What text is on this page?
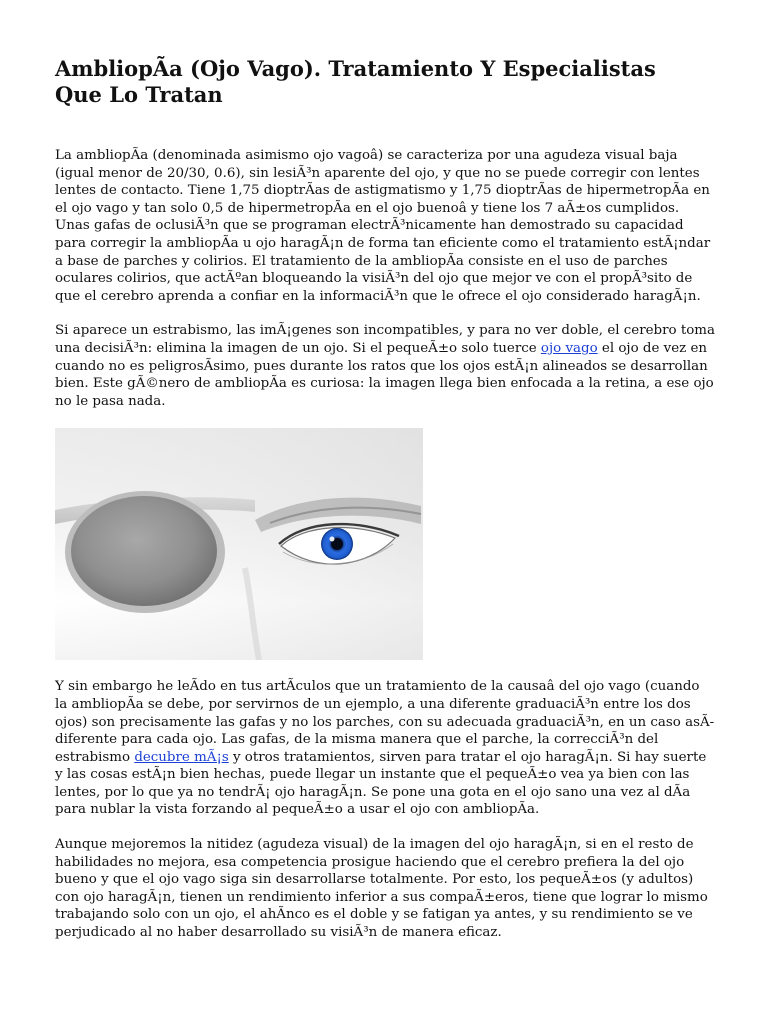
AmbliopÃa (Ojo Vago). Tratamiento Y Especialistas Que Lo Tratan

La ambliopÃa (denominada asimismo ojo vagoâ) se caracteriza por una agudeza visual baja (igual menor de 20/30, 0.6), sin lesiÃ³n aparente del ojo, y que no se puede corregir con lentes lentes de contacto. Tiene 1,75 dioptrÃas de astigmatismo y 1,75 dioptrÃas de hipermetropÃa en el ojo vago y tan solo 0,5 de hipermetropÃa en el ojo buenoâ y tiene los 7 aÃ±os cumplidos. Unas gafas de oclusiÃ³n que se programan electrÃ³nicamente han demostrado su capacidad para corregir la ambliopÃa u ojo haragÃ¡n de forma tan eficiente como el tratamiento estÃ¡ndar a base de parches y colirios. El tratamiento de la ambliopÃa consiste en el uso de parches oculares colirios, que actÃºan bloqueando la visiÃ³n del ojo que mejor ve con el propÃ³sito de que el cerebro aprenda a confiar en la informaciÃ³n que le ofrece el ojo considerado haragÃ¡n.

Si aparece un estrabismo, las imÃ¡genes son incompatibles, y para no ver doble, el cerebro toma una decisiÃ³n: elimina la imagen de un ojo. Si el pequeÃ±o solo tuerce ojo vago el ojo de vez en cuando no es peligrosÃsimo, pues durante los ratos que los ojos estÃ¡n alineados se desarrollan bien. Este gÃ©nero de ambliopÃa es curiosa: la imagen llega bien enfocada a la retina, a ese ojo no le pasa nada.

Y sin embargo he leÃdo en tus artÃculos que un tratamiento de la causaâ del ojo vago (cuando la ambliopÃa se debe, por servirnos de un ejemplo, a una diferente graduaciÃ³n entre los dos ojos) son precisamente las gafas y no los parches, con su adecuada graduaciÃ³n, en un caso asÃ diferente para cada ojo. Las gafas, de la misma manera que el parche, la correcciÃ³n del estrabismo decubre mÃ¡s y otros tratamientos, sirven para tratar el ojo haragÃ¡n. Si hay suerte y las cosas estÃ¡n bien hechas, puede llegar un instante que el pequeÃ±o vea ya bien con las lentes, por lo que ya no tendrÃ¡ ojo haragÃ¡n. Se pone una gota en el ojo sano una vez al dÃa para nublar la vista forzando al pequeÃ±o a usar el ojo con ambliopÃa.

Aunque mejoremos la nitidez (agudeza visual) de la imagen del ojo haragÃ¡n, si en el resto de habilidades no mejora, esa competencia prosigue haciendo que el cerebro prefiera la del ojo bueno y que el ojo vago siga sin desarrollarse totalmente. Por esto, los pequeÃ±os (y adultos) con ojo haragÃ¡n, tienen un rendimiento inferior a sus compaÃ±eros, tiene que lograr lo mismo trabajando solo con un ojo, el ahÃnco es el doble y se fatigan ya antes, y su rendimiento se ve perjudicado al no haber desarrollado su visiÃ³n de manera eficaz.
